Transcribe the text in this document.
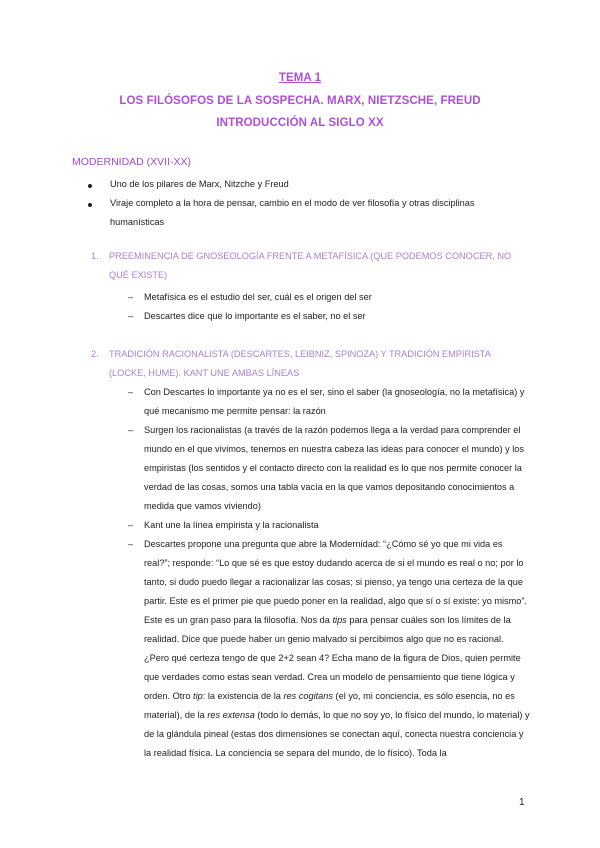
TEMA 1
LOS FILÓSOFOS DE LA SOSPECHA. MARX, NIETZSCHE, FREUD
INTRODUCCIÓN AL SIGLO XX
MODERNIDAD (XVII-XX)
Uno de los pilares de Marx, Nitzche y Freud
Viraje completo a la hora de pensar, cambio en el modo de ver filosofía y otras disciplinas humanísticas
1. PREEMINENCIA DE GNOSEOLOGÍA FRENTE A METAFÍSICA (QUE PODEMOS CONOCER, NO QUÉ EXISTE)
– Metafísica es el estudio del ser, cuál es el origen del ser
– Descartes dice que lo importante es el saber, no el ser
2. TRADICIÓN RACIONALISTA (DESCARTES, LEIBNIZ, SPINOZA) Y TRADICIÓN EMPIRISTA (LOCKE, HUME). KANT UNE AMBAS LÍNEAS
– Con Descartes lo importante ya no es el ser, sino el saber (la gnoseología, no la metafísica) y qué mecanismo me permite pensar: la razón
– Surgen los racionalistas (a través de la razón podemos llega a la verdad para comprender el mundo en el que vivimos, tenemos en nuestra cabeza las ideas para conocer el mundo) y los empiristas (los sentidos y el contacto directo con la realidad es lo que nos permite conocer la verdad de las cosas, somos una tabla vacía en la que vamos depositando conocimientos a medida que vamos viviendo)
– Kant une la línea empirista y la racionalista
– Descartes propone una pregunta que abre la Modernidad: “¿Cómo sé yo que mi vida es real?”; responde: “Lo que sé es que estoy dudando acerca de si el mundo es real o no; por lo tanto, si dudo puedo llegar a racionalizar las cosas; si pienso, ya tengo una certeza de la que partir. Este es el primer pie que puedo poner en la realidad, algo que sí o sí existe: yo mismo”. Este es un gran paso para la filosofía. Nos da tips para pensar cuáles son los límites de la realidad. Dice que puede haber un genio malvado si percibimos algo que no es racional. ¿Pero qué certeza tengo de que 2+2 sean 4? Echa mano de la figura de Dios, quien permite que verdades como estas sean verdad. Crea un modelo de pensamiento que tiene lógica y orden. Otro tip: la existencia de la res cogitans (el yo, mi conciencia, es sólo esencia, no es material), de la res extensa (todo lo demás, lo que no soy yo, lo físico del mundo, lo material) y de la glándula pineal (estas dos dimensiones se conectan aquí, conecta nuestra conciencia y la realidad física. La conciencia se separa del mundo, de lo físico). Toda la
1
